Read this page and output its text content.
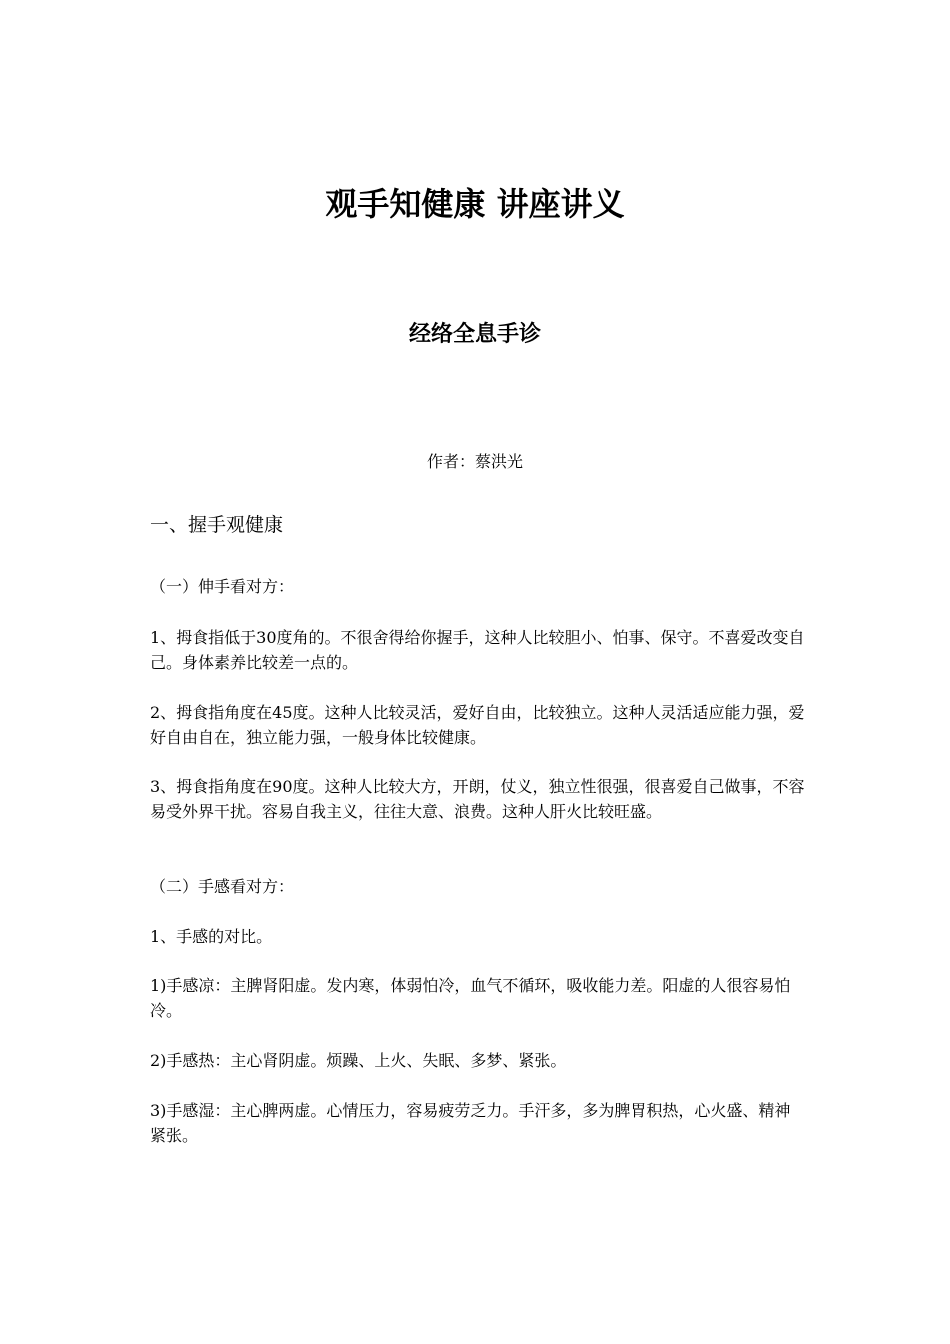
观手知健康 讲座讲义
经络全息手诊

作者：蔡洪光

一、握手观健康

（一）伸手看对方：

1、拇食指低于30度角的。不很舍得给你握手，这种人比较胆小、怕事、保守。不喜爱改变自己。身体素养比较差一点的。

2、拇食指角度在45度。这种人比较灵活，爱好自由，比较独立。这种人灵活适应能力强，爱好自由自在，独立能力强，一般身体比较健康。

3、拇食指角度在90度。这种人比较大方，开朗，仗义，独立性很强，很喜爱自己做事，不容易受外界干扰。容易自我主义，往往大意、浪费。这种人肝火比较旺盛。

（二）手感看对方：

1、手感的对比。

1)手感凉：主脾肾阳虚。发内寒，体弱怕冷，血气不循环，吸收能力差。阳虚的人很容易怕冷。

2)手感热：主心肾阴虚。烦躁、上火、失眠、多梦、紧张。

3)手感湿：主心脾两虚。心情压力，容易疲劳乏力。手汗多，多为脾胃积热，心火盛、精神紧张。
